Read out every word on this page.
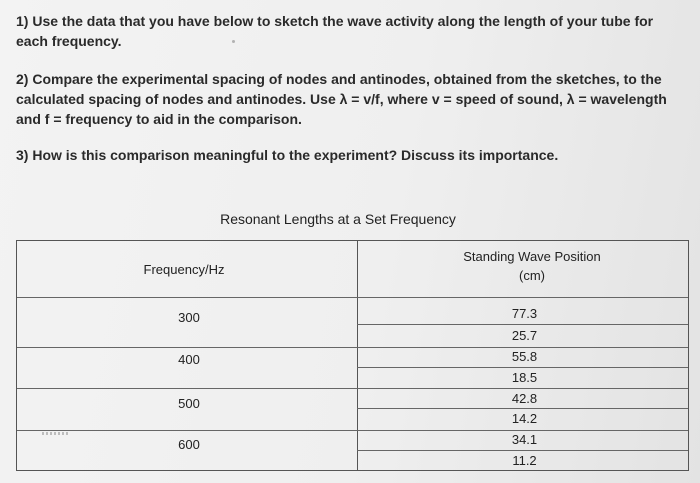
1) Use the data that you have below to sketch the wave activity along the length of your tube for each frequency.
2) Compare the experimental spacing of nodes and antinodes, obtained from the sketches, to the calculated spacing of nodes and antinodes. Use λ = v/f, where v = speed of sound, λ = wavelength and f = frequency to aid in the comparison.
3) How is this comparison meaningful to the experiment? Discuss its importance.
Resonant Lengths at a Set Frequency
Frequency/Hz
Standing Wave Position
(cm)
300	77.3
25.7
400	55.8
18.5
500	42.8
14.2
600	34.1
11.2
